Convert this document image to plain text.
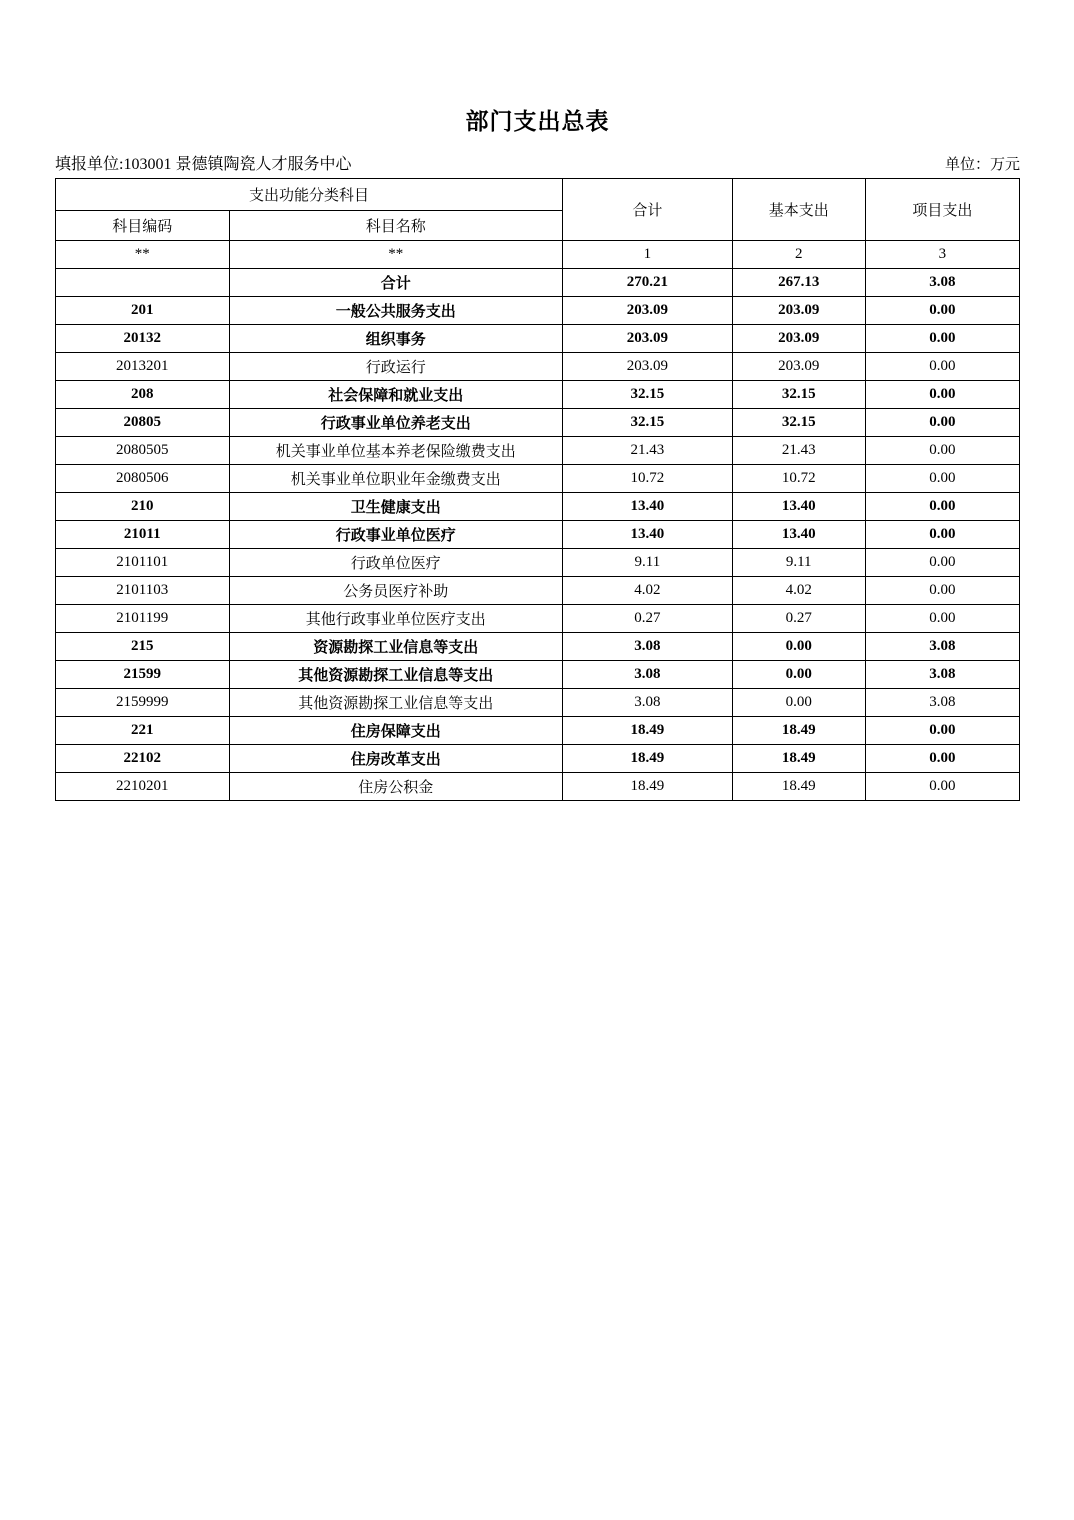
部门支出总表
填报单位:103001 景德镇陶瓷人才服务中心	单位：万元
支出功能分类科目		合计	基本支出	项目支出
科目编码	科目名称			
**	**	1	2	3
	合计	270.21	267.13	3.08
201	一般公共服务支出	203.09	203.09	0.00
20132	组织事务	203.09	203.09	0.00
2013201	行政运行	203.09	203.09	0.00
208	社会保障和就业支出	32.15	32.15	0.00
20805	行政事业单位养老支出	32.15	32.15	0.00
2080505	机关事业单位基本养老保险缴费支出	21.43	21.43	0.00
2080506	机关事业单位职业年金缴费支出	10.72	10.72	0.00
210	卫生健康支出	13.40	13.40	0.00
21011	行政事业单位医疗	13.40	13.40	0.00
2101101	行政单位医疗	9.11	9.11	0.00
2101103	公务员医疗补助	4.02	4.02	0.00
2101199	其他行政事业单位医疗支出	0.27	0.27	0.00
215	资源勘探工业信息等支出	3.08	0.00	3.08
21599	其他资源勘探工业信息等支出	3.08	0.00	3.08
2159999	其他资源勘探工业信息等支出	3.08	0.00	3.08
221	住房保障支出	18.49	18.49	0.00
22102	住房改革支出	18.49	18.49	0.00
2210201	住房公积金	18.49	18.49	0.00
